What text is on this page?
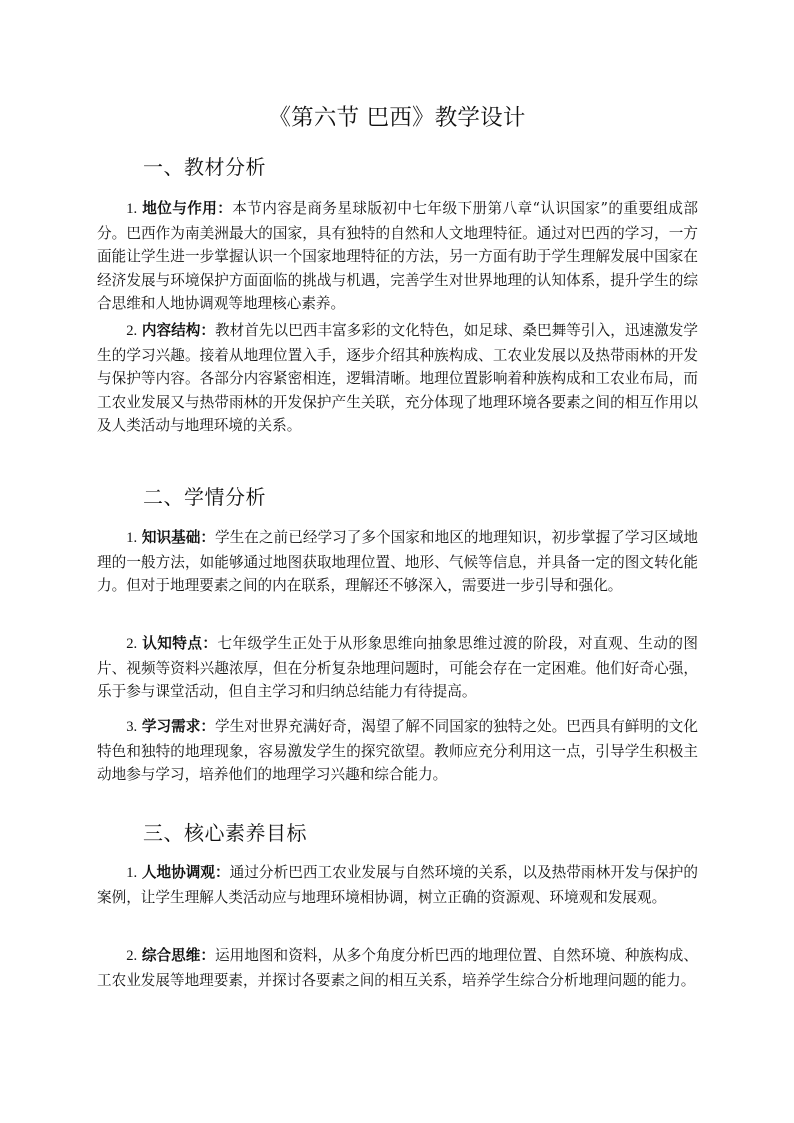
《第六节 巴西》教学设计
一、教材分析

1. 地位与作用：本节内容是商务星球版初中七年级下册第八章“认识国家”的重要组成部分。巴西作为南美洲最大的国家，具有独特的自然和人文地理特征。通过对巴西的学习，一方面能让学生进一步掌握认识一个国家地理特征的方法，另一方面有助于学生理解发展中国家在经济发展与环境保护方面面临的挑战与机遇，完善学生对世界地理的认知体系，提升学生的综合思维和人地协调观等地理核心素养。

2. 内容结构：教材首先以巴西丰富多彩的文化特色，如足球、桑巴舞等引入，迅速激发学生的学习兴趣。接着从地理位置入手，逐步介绍其种族构成、工农业发展以及热带雨林的开发与保护等内容。各部分内容紧密相连，逻辑清晰。地理位置影响着种族构成和工农业布局，而工农业发展又与热带雨林的开发保护产生关联，充分体现了地理环境各要素之间的相互作用以及人类活动与地理环境的关系。

二、学情分析

1. 知识基础：学生在之前已经学习了多个国家和地区的地理知识，初步掌握了学习区域地理的一般方法，如能够通过地图获取地理位置、地形、气候等信息，并具备一定的图文转化能力。但对于地理要素之间的内在联系，理解还不够深入，需要进一步引导和强化。

2. 认知特点：七年级学生正处于从形象思维向抽象思维过渡的阶段，对直观、生动的图片、视频等资料兴趣浓厚，但在分析复杂地理问题时，可能会存在一定困难。他们好奇心强，乐于参与课堂活动，但自主学习和归纳总结能力有待提高。

3. 学习需求：学生对世界充满好奇，渴望了解不同国家的独特之处。巴西具有鲜明的文化特色和独特的地理现象，容易激发学生的探究欲望。教师应充分利用这一点，引导学生积极主动地参与学习，培养他们的地理学习兴趣和综合能力。

三、核心素养目标

1. 人地协调观：通过分析巴西工农业发展与自然环境的关系，以及热带雨林开发与保护的案例，让学生理解人类活动应与地理环境相协调，树立正确的资源观、环境观和发展观。

2. 综合思维：运用地图和资料，从多个角度分析巴西的地理位置、自然环境、种族构成、工农业发展等地理要素，并探讨各要素之间的相互关系，培养学生综合分析地理问题的能力。
